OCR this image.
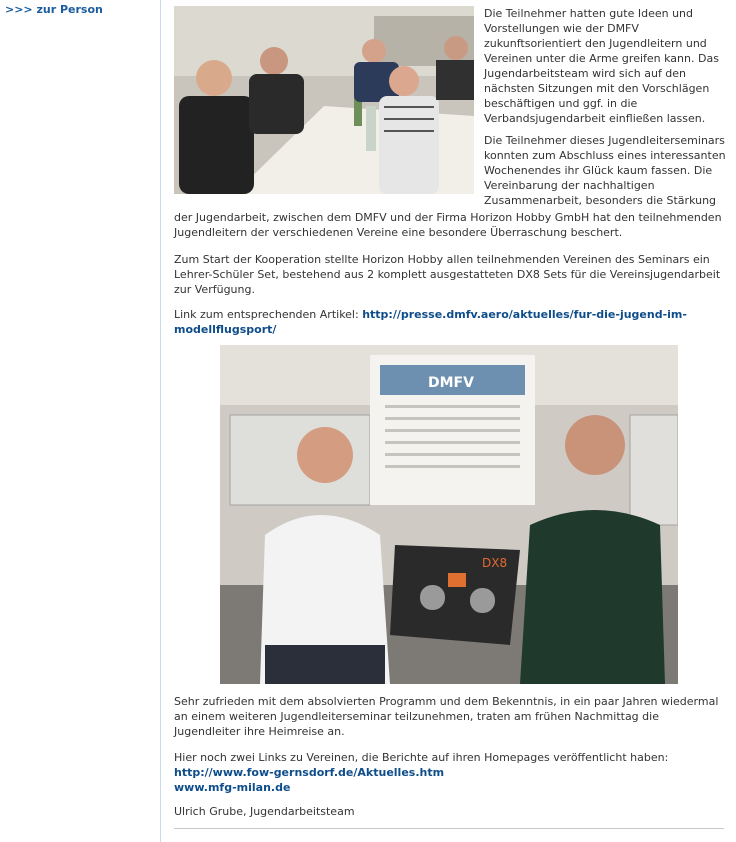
>>> zur Person	Die Teilnehmer hatten gute Ideen und Vorstellungen wie der DMFV zukunftsorientiert den Jugendleitern und Vereinen unter die Arme greifen kann. Das Jugendarbeitsteam wird sich auf den nächsten Sitzungen mit den Vorschlägen beschäftigen und ggf. in die Verbandsjugendarbeit einfließen lassen.

Die Teilnehmer dieses Jugendleiterseminars konnten zum Abschluss eines interessanten Wochenendes ihr Glück kaum fassen. Die Vereinbarung der nachhaltigen Zusammenarbeit, besonders die Stärkung

der Jugendarbeit, zwischen dem DMFV und der Firma Horizon Hobby GmbH hat den teilnehmenden Jugendleitern der verschiedenen Vereine eine besondere Überraschung beschert.

Zum Start der Kooperation stellte Horizon Hobby allen teilnehmenden Vereinen des Seminars ein Lehrer-Schüler Set, bestehend aus 2 komplett ausgestatteten DX8 Sets für die Vereinsjugendarbeit zur Verfügung.

Link zum entsprechenden Artikel: http://presse.dmfv.aero/aktuelles/fur-die-jugend-im-modellflugsport/

DMFV
DX8

Sehr zufrieden mit dem absolvierten Programm und dem Bekenntnis, in ein paar Jahren wiedermal an einem weiteren Jugendleiterseminar teilzunehmen, traten am frühen Nachmittag die Jugendleiter ihre Heimreise an.

Hier noch zwei Links zu Vereinen, die Berichte auf ihren Homepages veröffentlicht haben:

http://www.fow-gernsdorf.de/Aktuelles.htm

www.mfg-milan.de

Ulrich Grube, Jugendarbeitsteam
